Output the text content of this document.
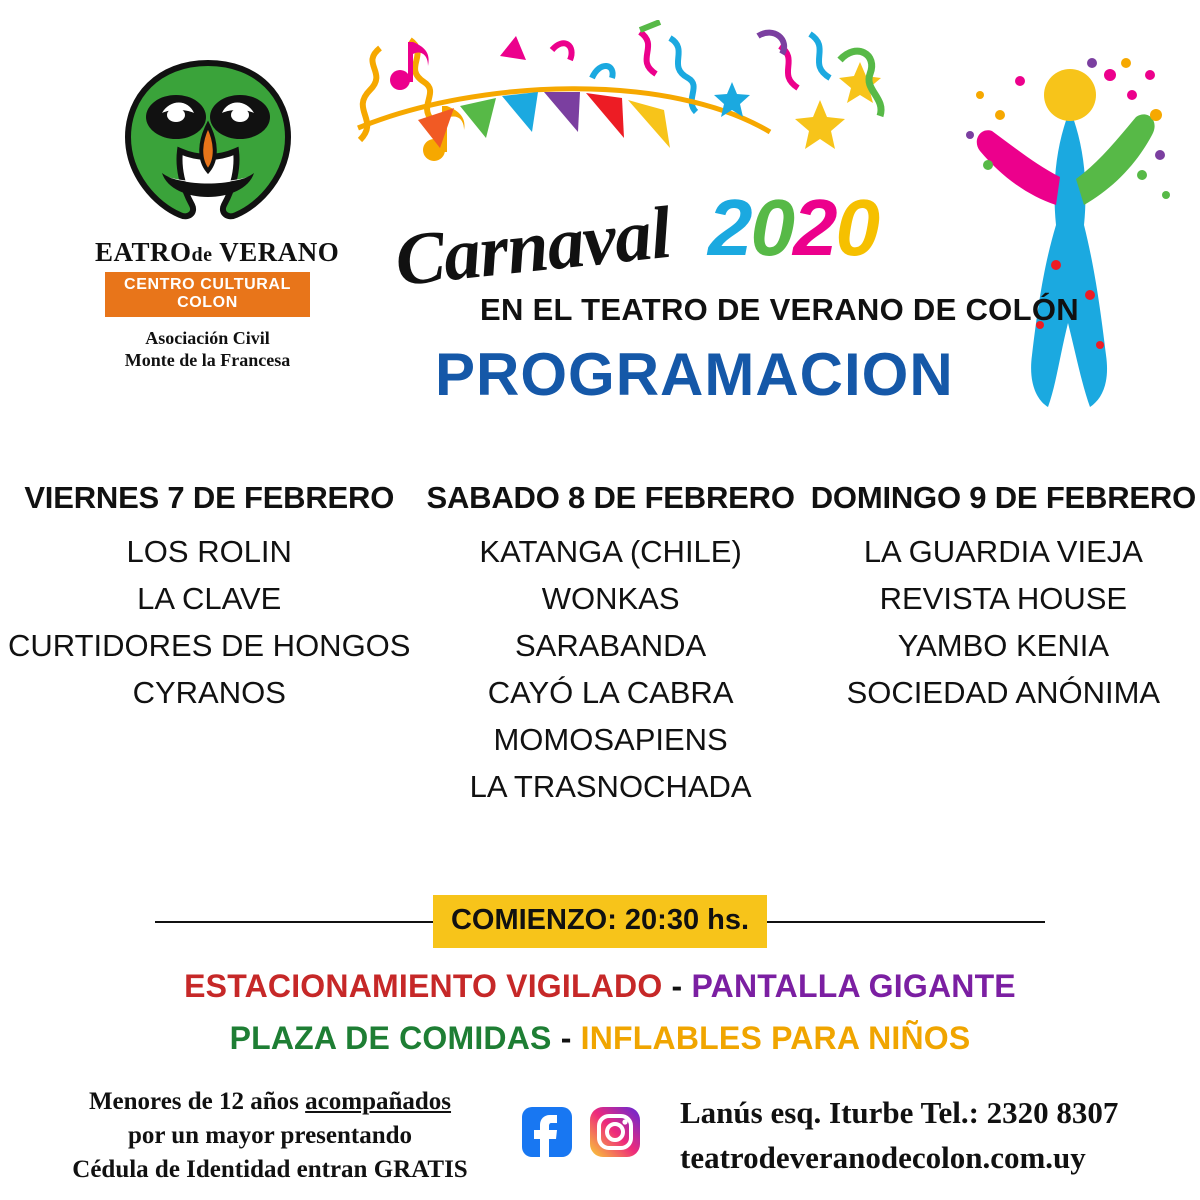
EATROde VERANO
CENTRO CULTURAL COLON
Asociación Civil
Monte de la Francesa
Carnaval 2020
EN EL TEATRO DE VERANO DE COLÓN
PROGRAMACION
VIERNES 7 DE FEBRERO
LOS ROLIN
LA CLAVE
CURTIDORES DE HONGOS
CYRANOS
SABADO 8 DE FEBRERO
KATANGA (CHILE)
WONKAS
SARABANDA
CAYÓ LA CABRA
MOMOSAPIENS
LA TRASNOCHADA
DOMINGO 9 DE FEBRERO
LA GUARDIA VIEJA
REVISTA HOUSE
YAMBO KENIA
SOCIEDAD ANÓNIMA
COMIENZO: 20:30 hs.
ESTACIONAMIENTO VIGILADO - PANTALLA GIGANTE
PLAZA DE COMIDAS - INFLABLES PARA NIÑOS
Menores de 12 años acompañados
por un mayor presentando
Cédula de Identidad entran GRATIS
Lanús esq. Iturbe Tel.: 2320 8307
teatrodeveranodecolon.com.uy
